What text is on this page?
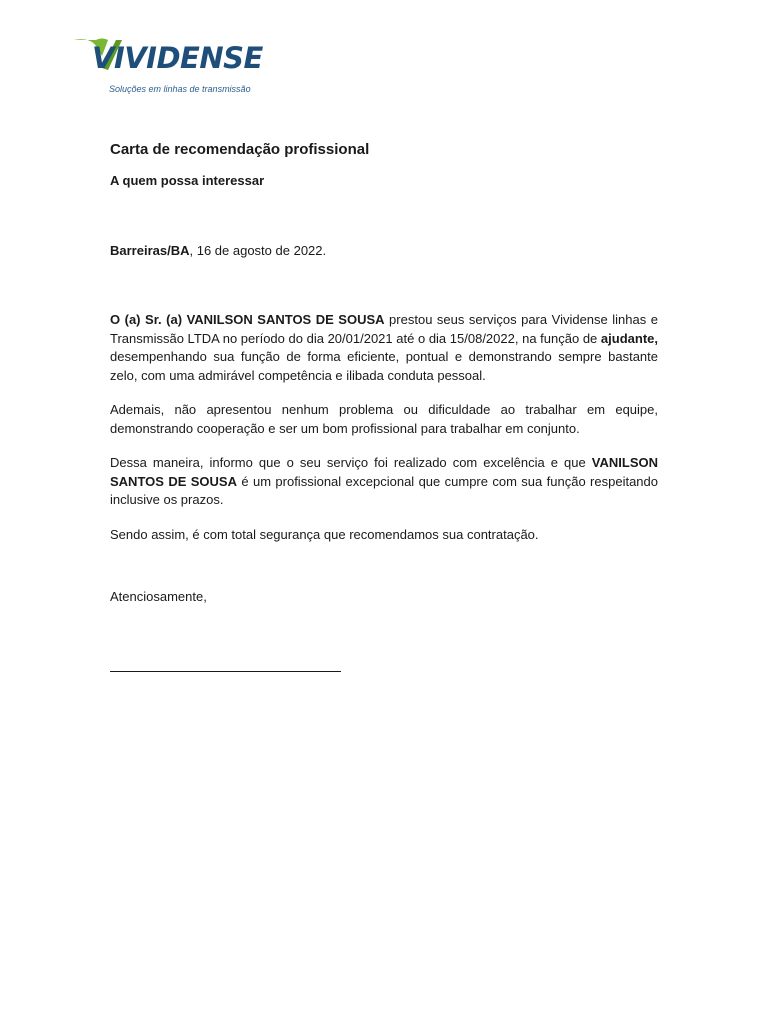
VIVIDENSE
Soluções em linhas de transmissão
Carta de recomendação profissional
A quem possa interessar
Barreiras/BA, 16 de agosto de 2022.

O (a) Sr. (a) VANILSON SANTOS DE SOUSA prestou seus serviços para Vividense linhas e Transmissão LTDA no período do dia 20/01/2021 até o dia 15/08/2022, na função de ajudante, desempenhando sua função de forma eficiente, pontual e demonstrando sempre bastante zelo, com uma admirável competência e ilibada conduta pessoal.

Ademais, não apresentou nenhum problema ou dificuldade ao trabalhar em equipe, demonstrando cooperação e ser um bom profissional para trabalhar em conjunto.

Dessa maneira, informo que o seu serviço foi realizado com excelência e que VANILSON SANTOS DE SOUSA é um profissional excepcional que cumpre com sua função respeitando inclusive os prazos.

Sendo assim, é com total segurança que recomendamos sua contratação.

Atenciosamente,
